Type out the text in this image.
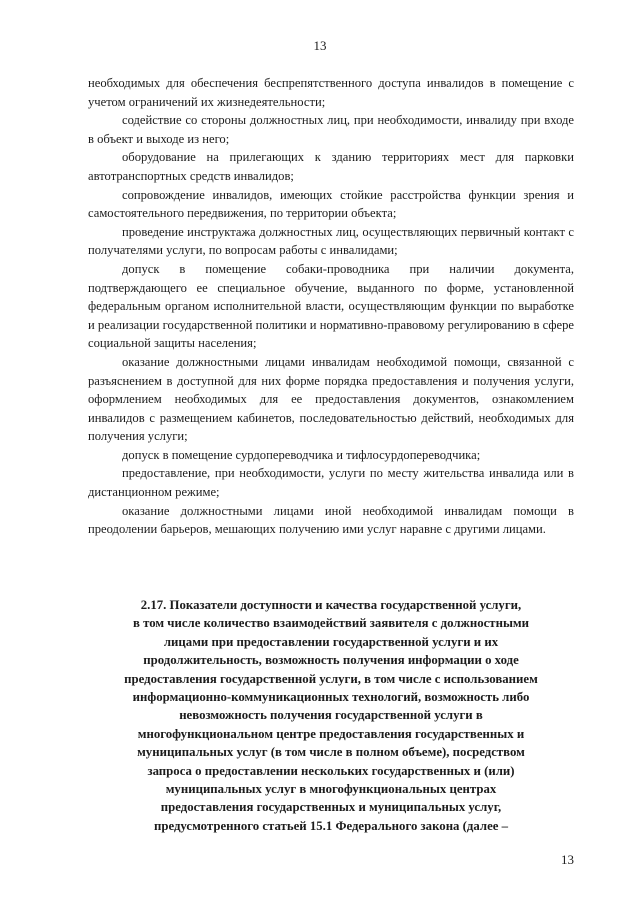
13

необходимых для обеспечения беспрепятственного доступа инвалидов в помещение с учетом ограничений их жизнедеятельности;

содействие со стороны должностных лиц, при необходимости, инвалиду при входе в объект и выходе из него;

оборудование на прилегающих к зданию территориях мест для парковки автотранспортных средств инвалидов;

сопровождение инвалидов, имеющих стойкие расстройства функции зрения и самостоятельного передвижения, по территории объекта;

проведение инструктажа должностных лиц, осуществляющих первичный контакт с получателями услуги, по вопросам работы с инвалидами;

допуск в помещение собаки-проводника при наличии документа, подтверждающего ее специальное обучение, выданного по форме, установленной федеральным органом исполнительной власти, осуществляющим функции по выработке и реализации государственной политики и нормативно-правовому регулированию в сфере социальной защиты населения;

оказание должностными лицами инвалидам необходимой помощи, связанной с разъяснением в доступной для них форме порядка предоставления и получения услуги, оформлением необходимых для ее предоставления документов, ознакомлением инвалидов с размещением кабинетов, последовательностью действий, необходимых для получения услуги;

допуск в помещение сурдопереводчика и тифлосурдопереводчика;

предоставление, при необходимости, услуги по месту жительства инвалида или в дистанционном режиме;

оказание должностными лицами иной необходимой инвалидам помощи в преодолении барьеров, мешающих получению ими услуг наравне с другими лицами.

2.17. Показатели доступности и качества государственной услуги,

в том числе количество взаимодействий заявителя с должностными

лицами при предоставлении государственной услуги и их

продолжительность, возможность получения информации о ходе

предоставления государственной услуги, в том числе с использованием

информационно-коммуникационных технологий, возможность либо

невозможность получения государственной услуги в

многофункциональном центре предоставления государственных и

муниципальных услуг (в том числе в полном объеме), посредством

запроса о предоставлении нескольких государственных и (или)

муниципальных услуг в многофункциональных центрах

предоставления государственных и муниципальных услуг,

предусмотренного статьей 15.1 Федерального закона (далее –

13
